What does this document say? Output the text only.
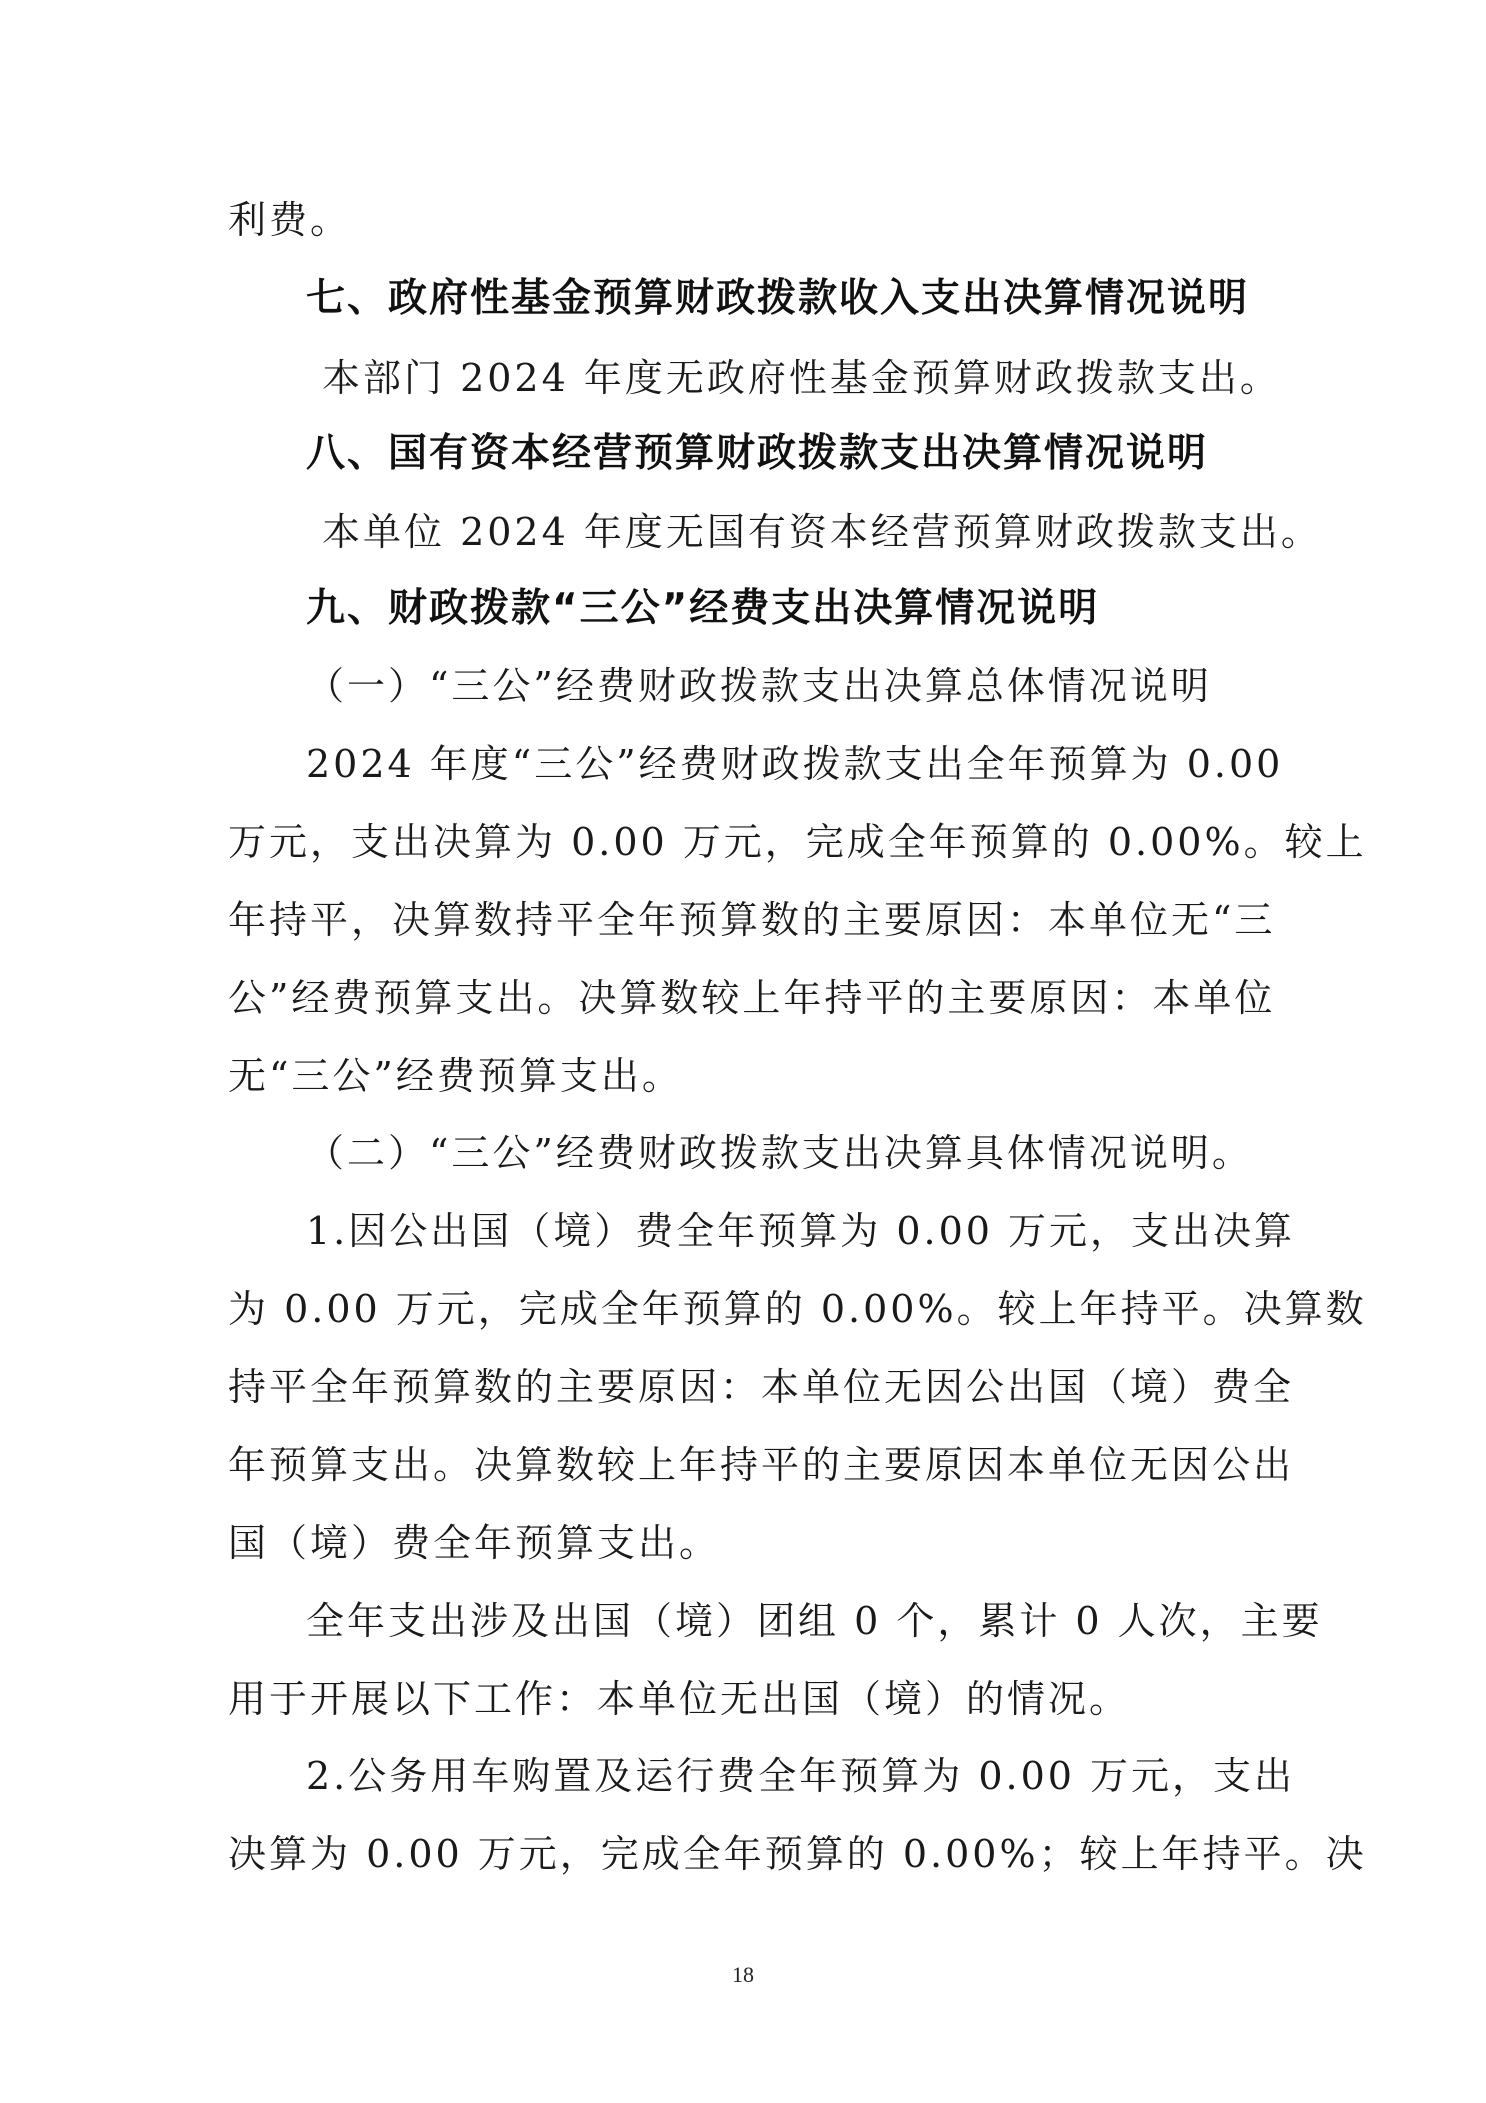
利费。
七、政府性基金预算财政拨款收入支出决算情况说明
本部门 2024 年度无政府性基金预算财政拨款支出。
八、国有资本经营预算财政拨款支出决算情况说明
本单位 2024 年度无国有资本经营预算财政拨款支出。
九、财政拨款“三公”经费支出决算情况说明
（一）“三公”经费财政拨款支出决算总体情况说明
2024 年度“三公”经费财政拨款支出全年预算为 0.00
万元，支出决算为 0.00 万元，完成全年预算的 0.00%。较上
年持平，决算数持平全年预算数的主要原因：本单位无“三
公”经费预算支出。决算数较上年持平的主要原因：本单位
无“三公”经费预算支出。
（二）“三公”经费财政拨款支出决算具体情况说明。
1.因公出国（境）费全年预算为 0.00 万元，支出决算
为 0.00 万元，完成全年预算的 0.00%。较上年持平。决算数
持平全年预算数的主要原因：本单位无因公出国（境）费全
年预算支出。决算数较上年持平的主要原因本单位无因公出
国（境）费全年预算支出。
全年支出涉及出国（境）团组 0 个，累计 0 人次，主要
用于开展以下工作：本单位无出国（境）的情况。
2.公务用车购置及运行费全年预算为 0.00 万元，支出
决算为 0.00 万元，完成全年预算的 0.00%；较上年持平。决
18
